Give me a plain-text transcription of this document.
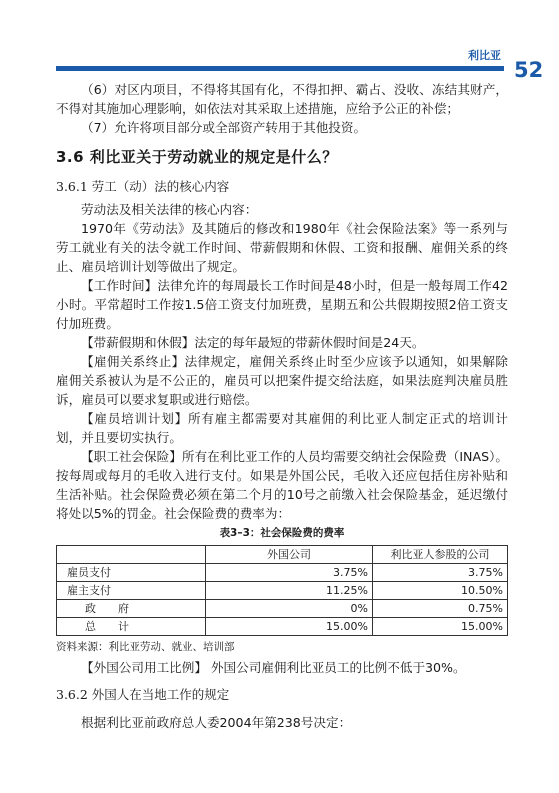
利比亚
52

（6）对区内项目，不得将其国有化，不得扣押、霸占、没收、冻结其财产，不得对其施加心理影响，如依法对其采取上述措施，应给予公正的补偿；

（7）允许将项目部分或全部资产转用于其他投资。

3.6 利比亚关于劳动就业的规定是什么？
3.6.1 劳工（动）法的核心内容

劳动法及相关法律的核心内容：

1970年《劳动法》及其随后的修改和1980年《社会保险法案》等一系列与劳工就业有关的法令就工作时间、带薪假期和休假、工资和报酬、雇佣关系的终止、雇员培训计划等做出了规定。

【工作时间】法律允许的每周最长工作时间是48小时，但是一般每周工作42小时。平常超时工作按1.5倍工资支付加班费，星期五和公共假期按照2倍工资支付加班费。

【带薪假期和休假】法定的每年最短的带薪休假时间是24天。

【雇佣关系终止】法律规定，雇佣关系终止时至少应该予以通知，如果解除雇佣关系被认为是不公正的，雇员可以把案件提交给法庭，如果法庭判决雇员胜诉，雇员可以要求复职或进行赔偿。

【雇员培训计划】所有雇主都需要对其雇佣的利比亚人制定正式的培训计划，并且要切实执行。

【职工社会保险】所有在利比亚工作的人员均需要交纳社会保险费（INAS）。按每周或每月的毛收入进行支付。如果是外国公民，毛收入还应包括住房补贴和生活补贴。社会保险费必须在第二个月的10号之前缴入社会保险基金，延迟缴付将处以5%的罚金。社会保险费的费率为：

表3–3：社会保险费的费率
	外国公司	利比亚人参股的公司
雇员支付	3.75%	3.75%
雇主支付	11.25%	10.50%
政　　府	0%	0.75%
总　　计	15.00%	15.00%
资料来源：利比亚劳动、就业、培训部

【外国公司用工比例】 外国公司雇佣利比亚员工的比例不低于30%。

3.6.2 外国人在当地工作的规定

根据利比亚前政府总人委2004年第238号决定：
